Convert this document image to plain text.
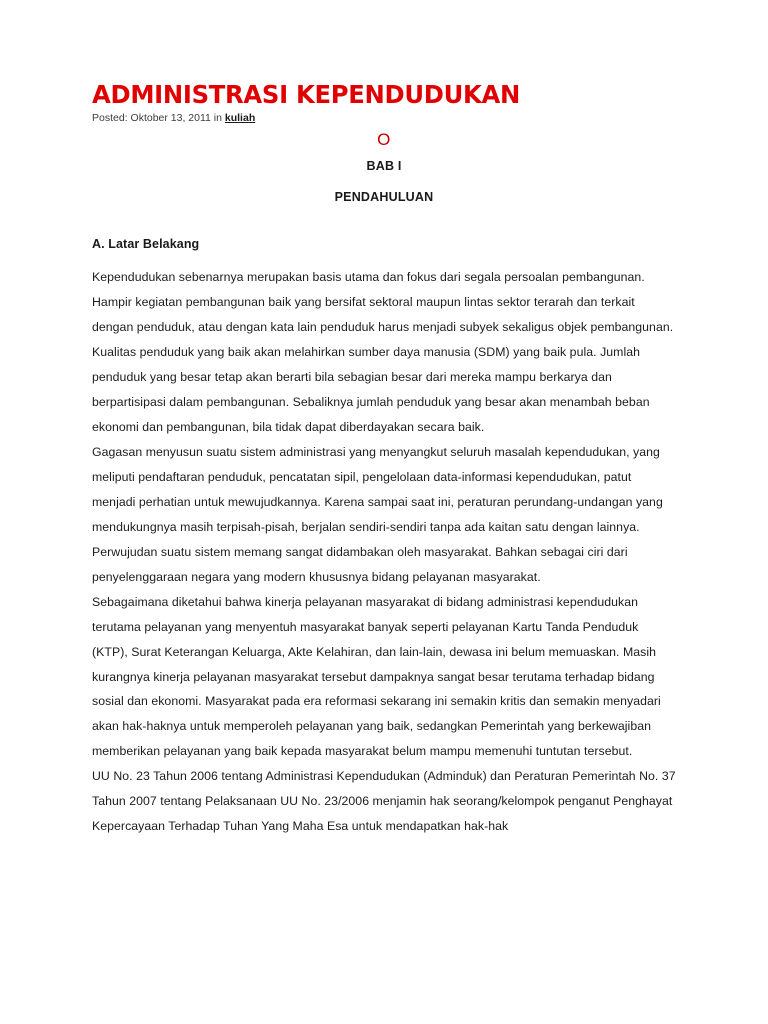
ADMINISTRASI KEPENDUDUKAN
Posted: Oktober 13, 2011 in kuliah
O
BAB I
PENDAHULUAN
A. Latar Belakang

Kependudukan sebenarnya merupakan basis utama dan fokus dari segala persoalan pembangunan. Hampir kegiatan pembangunan baik yang bersifat sektoral maupun lintas sektor terarah dan terkait dengan penduduk, atau dengan kata lain penduduk harus menjadi subyek sekaligus objek pembangunan. Kualitas penduduk yang baik akan melahirkan sumber daya manusia (SDM) yang baik pula. Jumlah penduduk yang besar tetap akan berarti bila sebagian besar dari mereka mampu berkarya dan berpartisipasi dalam pembangunan. Sebaliknya jumlah penduduk yang besar akan menambah beban ekonomi dan pembangunan, bila tidak dapat diberdayakan secara baik.

Gagasan menyusun suatu sistem administrasi yang menyangkut seluruh masalah kependudukan, yang meliputi pendaftaran penduduk, pencatatan sipil, pengelolaan data-informasi kependudukan, patut menjadi perhatian untuk mewujudkannya. Karena sampai saat ini, peraturan perundang-undangan yang mendukungnya masih terpisah-pisah, berjalan sendiri-sendiri tanpa ada kaitan satu dengan lainnya. Perwujudan suatu sistem memang sangat didambakan oleh masyarakat. Bahkan sebagai ciri dari penyelenggaraan negara yang modern khususnya bidang pelayanan masyarakat.

Sebagaimana diketahui bahwa kinerja pelayanan masyarakat di bidang administrasi kependudukan terutama pelayanan yang menyentuh masyarakat banyak seperti pelayanan Kartu Tanda Penduduk (KTP), Surat Keterangan Keluarga, Akte Kelahiran, dan lain-lain, dewasa ini belum memuaskan. Masih kurangnya kinerja pelayanan masyarakat tersebut dampaknya sangat besar terutama terhadap bidang sosial dan ekonomi. Masyarakat pada era reformasi sekarang ini semakin kritis dan semakin menyadari akan hak-haknya untuk memperoleh pelayanan yang baik, sedangkan Pemerintah yang berkewajiban memberikan pelayanan yang baik kepada masyarakat belum mampu memenuhi tuntutan tersebut.

UU No. 23 Tahun 2006 tentang Administrasi Kependudukan (Adminduk) dan Peraturan Pemerintah No. 37 Tahun 2007 tentang Pelaksanaan UU No. 23/2006 menjamin hak seorang/kelompok penganut Penghayat Kepercayaan Terhadap Tuhan Yang Maha Esa untuk mendapatkan hak-hak
